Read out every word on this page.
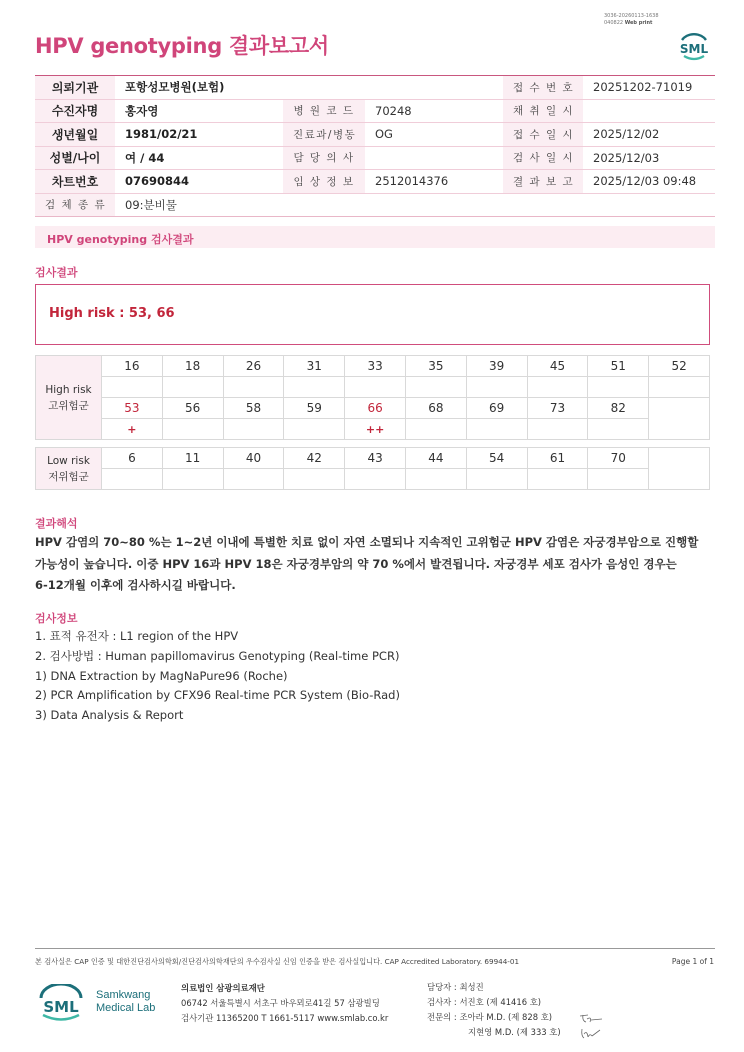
3036-20260113-1638
040822 Web print
HPV genotyping 결과보고서	SML
의뢰기관	포항성모병원(보험)			접 수 번 호	20251202-71019
수진자명	홍자영	병 원 코 드	70248	채 취 일 시	
생년월일	1981/02/21	진료과/병동	OG	접 수 일 시	2025/12/02
성별/나이	여 / 44	담 당 의 사		검 사 일 시	2025/12/03
차트번호	07690844	임 상 정 보	2512014376	결 과 보 고	2025/12/03 09:48
검 체 종 류	09:분비물				
HPV genotyping 검사결과
검사결과
High risk : 53, 66
High risk
고위험군	16	18	26	31	33	35	39	45	51	52

	53	56	58	59	66	68	69	73	82	
	+				++					
Low risk
저위험군	6	11	40	42	43	44	54	61	70	

결과해석
HPV 감염의 70~80 %는 1~2년 이내에 특별한 치료 없이 자연 소멸되나 지속적인 고위험군 HPV 감염은 자궁경부암으로 진행할
가능성이 높습니다. 이중 HPV 16과 HPV 18은 자궁경부암의 약 70 %에서 발견됩니다. 자궁경부 세포 검사가 음성인 경우는
6-12개월 이후에 검사하시길 바랍니다.
검사정보
1. 표적 유전자 : L1 region of the HPV
2. 검사방법 : Human papillomavirus Genotyping (Real-time PCR)
1) DNA Extraction by MagNaPure96 (Roche)
2) PCR Amplification by CFX96 Real-time PCR System (Bio-Rad)
3) Data Analysis & Report
본 검사실은 CAP 인증 및 대한진단검사의학회/진단검사의학재단의 우수검사실 신임 인증을 받은 검사실입니다. CAP Accredited Laboratory. 69944-01	Page 1 of 1
SML
Samkwang
Medical Lab
의료법인 삼광의료재단
06742 서울특별시 서초구 바우뫼로41길 57 삼광빌딩
검사기관 11365200 T 1661-5117 www.smlab.co.kr
담당자 : 최성진
검사자 : 서진호 (제 41416 호)
전문의 : 조아라 M.D. (제 828 호)
지현영 M.D. (제 333 호)
